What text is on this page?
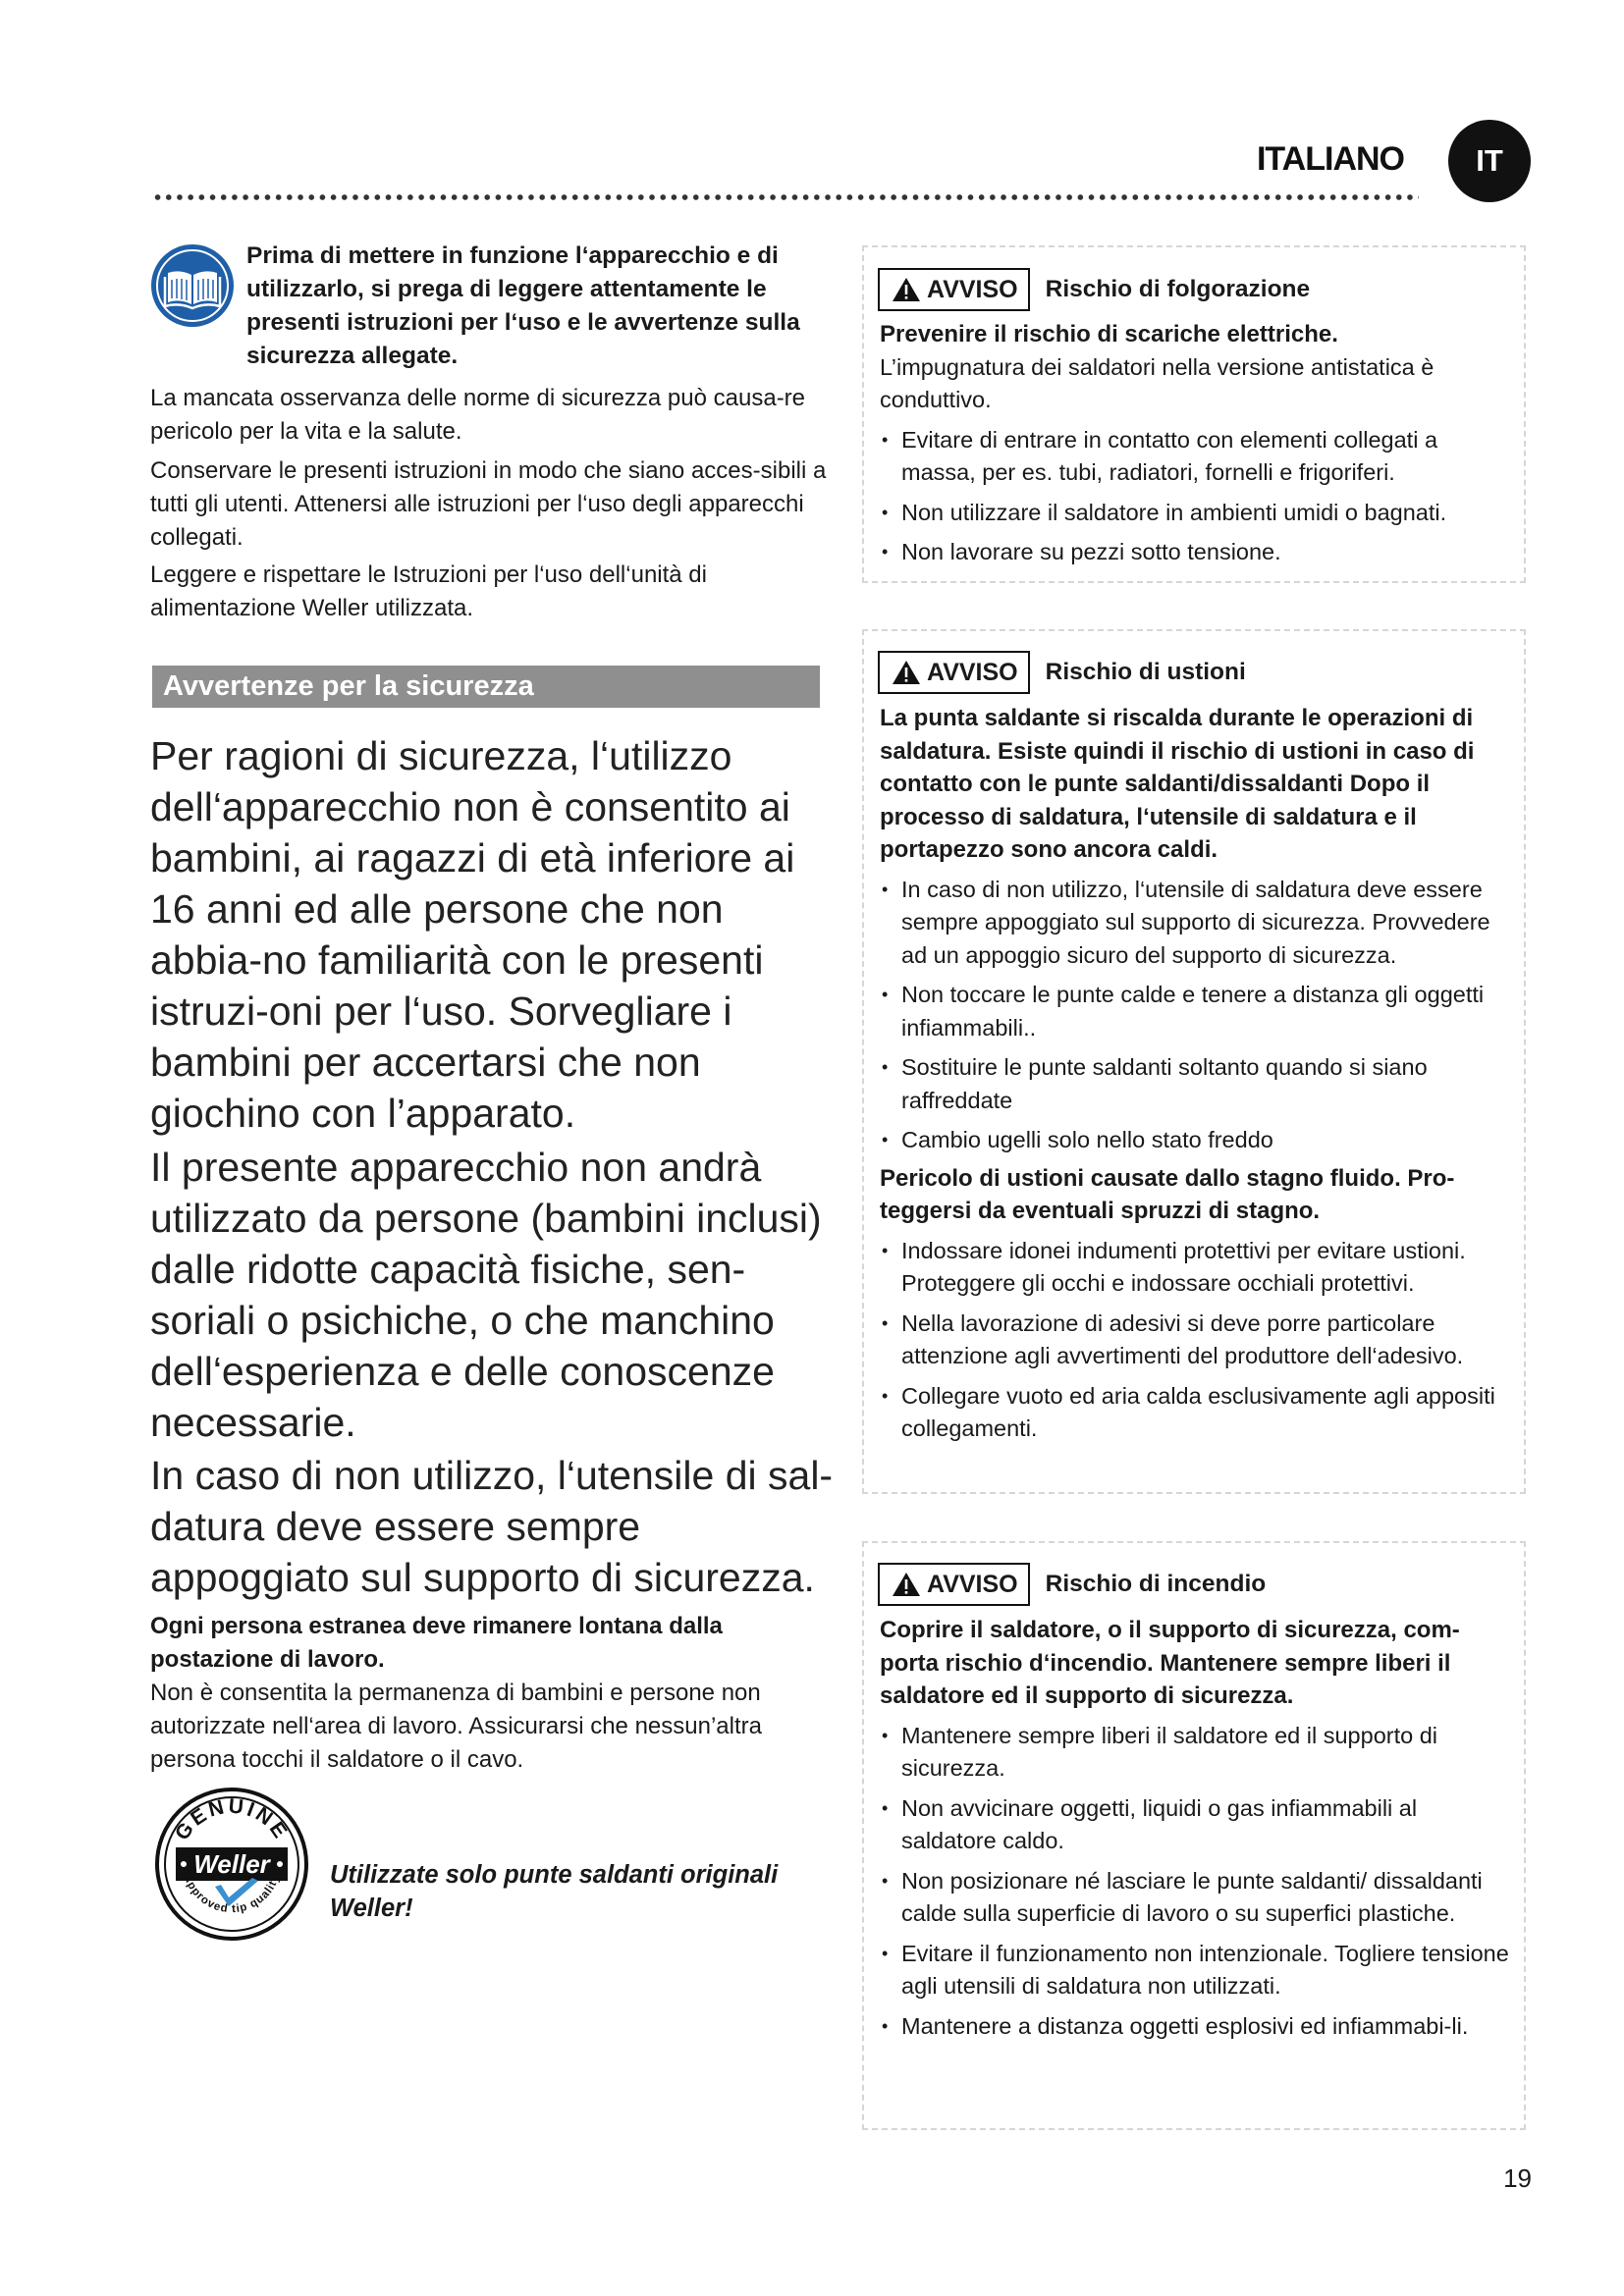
ITALIANO	IT
Prima di mettere in funzione l‘apparecchio e di utilizzarlo, si prega di leggere attentamente le presenti istruzioni per l‘uso e le avvertenze sulla sicurezza allegate.

La mancata osservanza delle norme di sicurezza può causa-re pericolo per la vita e la salute.

Conservare le presenti istruzioni in modo che siano acces-sibili a tutti gli utenti. Attenersi alle istruzioni per l‘uso degli apparecchi collegati.

Leggere e rispettare le Istruzioni per l‘uso dell‘unità di alimentazione Weller utilizzata.

Avvertenze per la sicurezza

Per ragioni di sicurezza, l‘utilizzo dell‘apparecchio non è consentito ai bambini, ai ragazzi di età inferiore ai 16 anni ed alle persone che non abbia-no familiarità con le presenti istruzi-oni per l‘uso. Sorvegliare i bambini per accertarsi che non giochino con l’apparato.

Il presente apparecchio non andrà utilizzato da persone (bambini inclusi) dalle ridotte capacità fisiche, sen-soriali o psichiche, o che manchino dell‘esperienza e delle conoscenze necessarie.

In caso di non utilizzo, l‘utensile di sal-datura deve essere sempre appoggiato sul supporto di sicurezza.

Ogni persona estranea deve rimanere lontana dalla postazione di lavoro.
Non è consentita la permanenza di bambini e persone non autorizzate nell‘area di lavoro. Assicurarsi che nessun’altra persona tocchi il saldatore o il cavo.
GENUINE
Weller
Approved tip quality Utilizzate solo punte saldanti originali Weller!
AVVISO Rischio di folgorazione

Prevenire il rischio di scariche elettriche.

L’impugnatura dei saldatori nella versione antistatica è conduttivo.

• Evitare di entrare in contatto con elementi collegati a massa, per es. tubi, radiatori, fornelli e frigoriferi.
• Non utilizzare il saldatore in ambienti umidi o bagnati.
• Non lavorare su pezzi sotto tensione.
AVVISO Rischio di ustioni

La punta saldante si riscalda durante le operazioni di saldatura. Esiste quindi il rischio di ustioni in caso di contatto con le punte saldanti/dissaldanti Dopo il processo di saldatura, l‘utensile di saldatura e il portapezzo sono ancora caldi.

• In caso di non utilizzo, l‘utensile di saldatura deve essere sempre appoggiato sul supporto di sicurezza. Provvedere ad un appoggio sicuro del supporto di sicurezza.
• Non toccare le punte calde e tenere a distanza gli oggetti infiammabili..
• Sostituire le punte saldanti soltanto quando si siano raffreddate
• Cambio ugelli solo nello stato freddo

Pericolo di ustioni causate dallo stagno fluido. Pro-teggersi da eventuali spruzzi di stagno.

• Indossare idonei indumenti protettivi per evitare ustioni. Proteggere gli occhi e indossare occhiali protettivi.
• Nella lavorazione di adesivi si deve porre particolare attenzione agli avvertimenti del produttore dell‘adesivo.
• Collegare vuoto ed aria calda esclusivamente agli appositi collegamenti.
AVVISO Rischio di incendio

Coprire il saldatore, o il supporto di sicurezza, com-porta rischio d‘incendio. Mantenere sempre liberi il saldatore ed il supporto di sicurezza.

• Mantenere sempre liberi il saldatore ed il supporto di sicurezza.
• Non avvicinare oggetti, liquidi o gas infiammabili al saldatore caldo.
• Non posizionare né lasciare le punte saldanti/ dissaldanti calde sulla superficie di lavoro o su superfici plastiche.
• Evitare il funzionamento non intenzionale. Togliere tensione agli utensili di saldatura non utilizzati.
• Mantenere a distanza oggetti esplosivi ed infiammabi-li.
19
